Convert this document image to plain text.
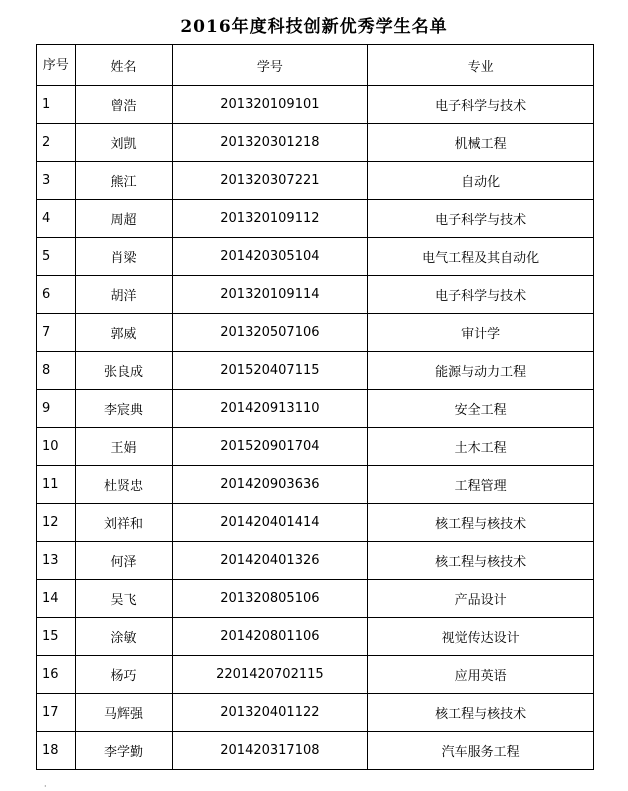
2016年度科技创新优秀学生名单
序号	姓名	学号	专业
1	曾浩	201320109101	电子科学与技术
2	刘凯	201320301218	机械工程
3	熊江	201320307221	自动化
4	周超	201320109112	电子科学与技术
5	肖梁	201420305104	电气工程及其自动化
6	胡洋	201320109114	电子科学与技术
7	郭威	201320507106	审计学
8	张良成	201520407115	能源与动力工程
9	李宸典	201420913110	安全工程
10	王娟	201520901704	土木工程
11	杜贤忠	201420903636	工程管理
12	刘祥和	201420401414	核工程与核技术
13	何泽	201420401326	核工程与核技术
14	吴飞	201320805106	产品设计
15	涂敏	201420801106	视觉传达设计
16	杨巧	2201420702115	应用英语
17	马辉强	201320401122	核工程与核技术
18	李学勤	201420317108	汽车服务工程
·
